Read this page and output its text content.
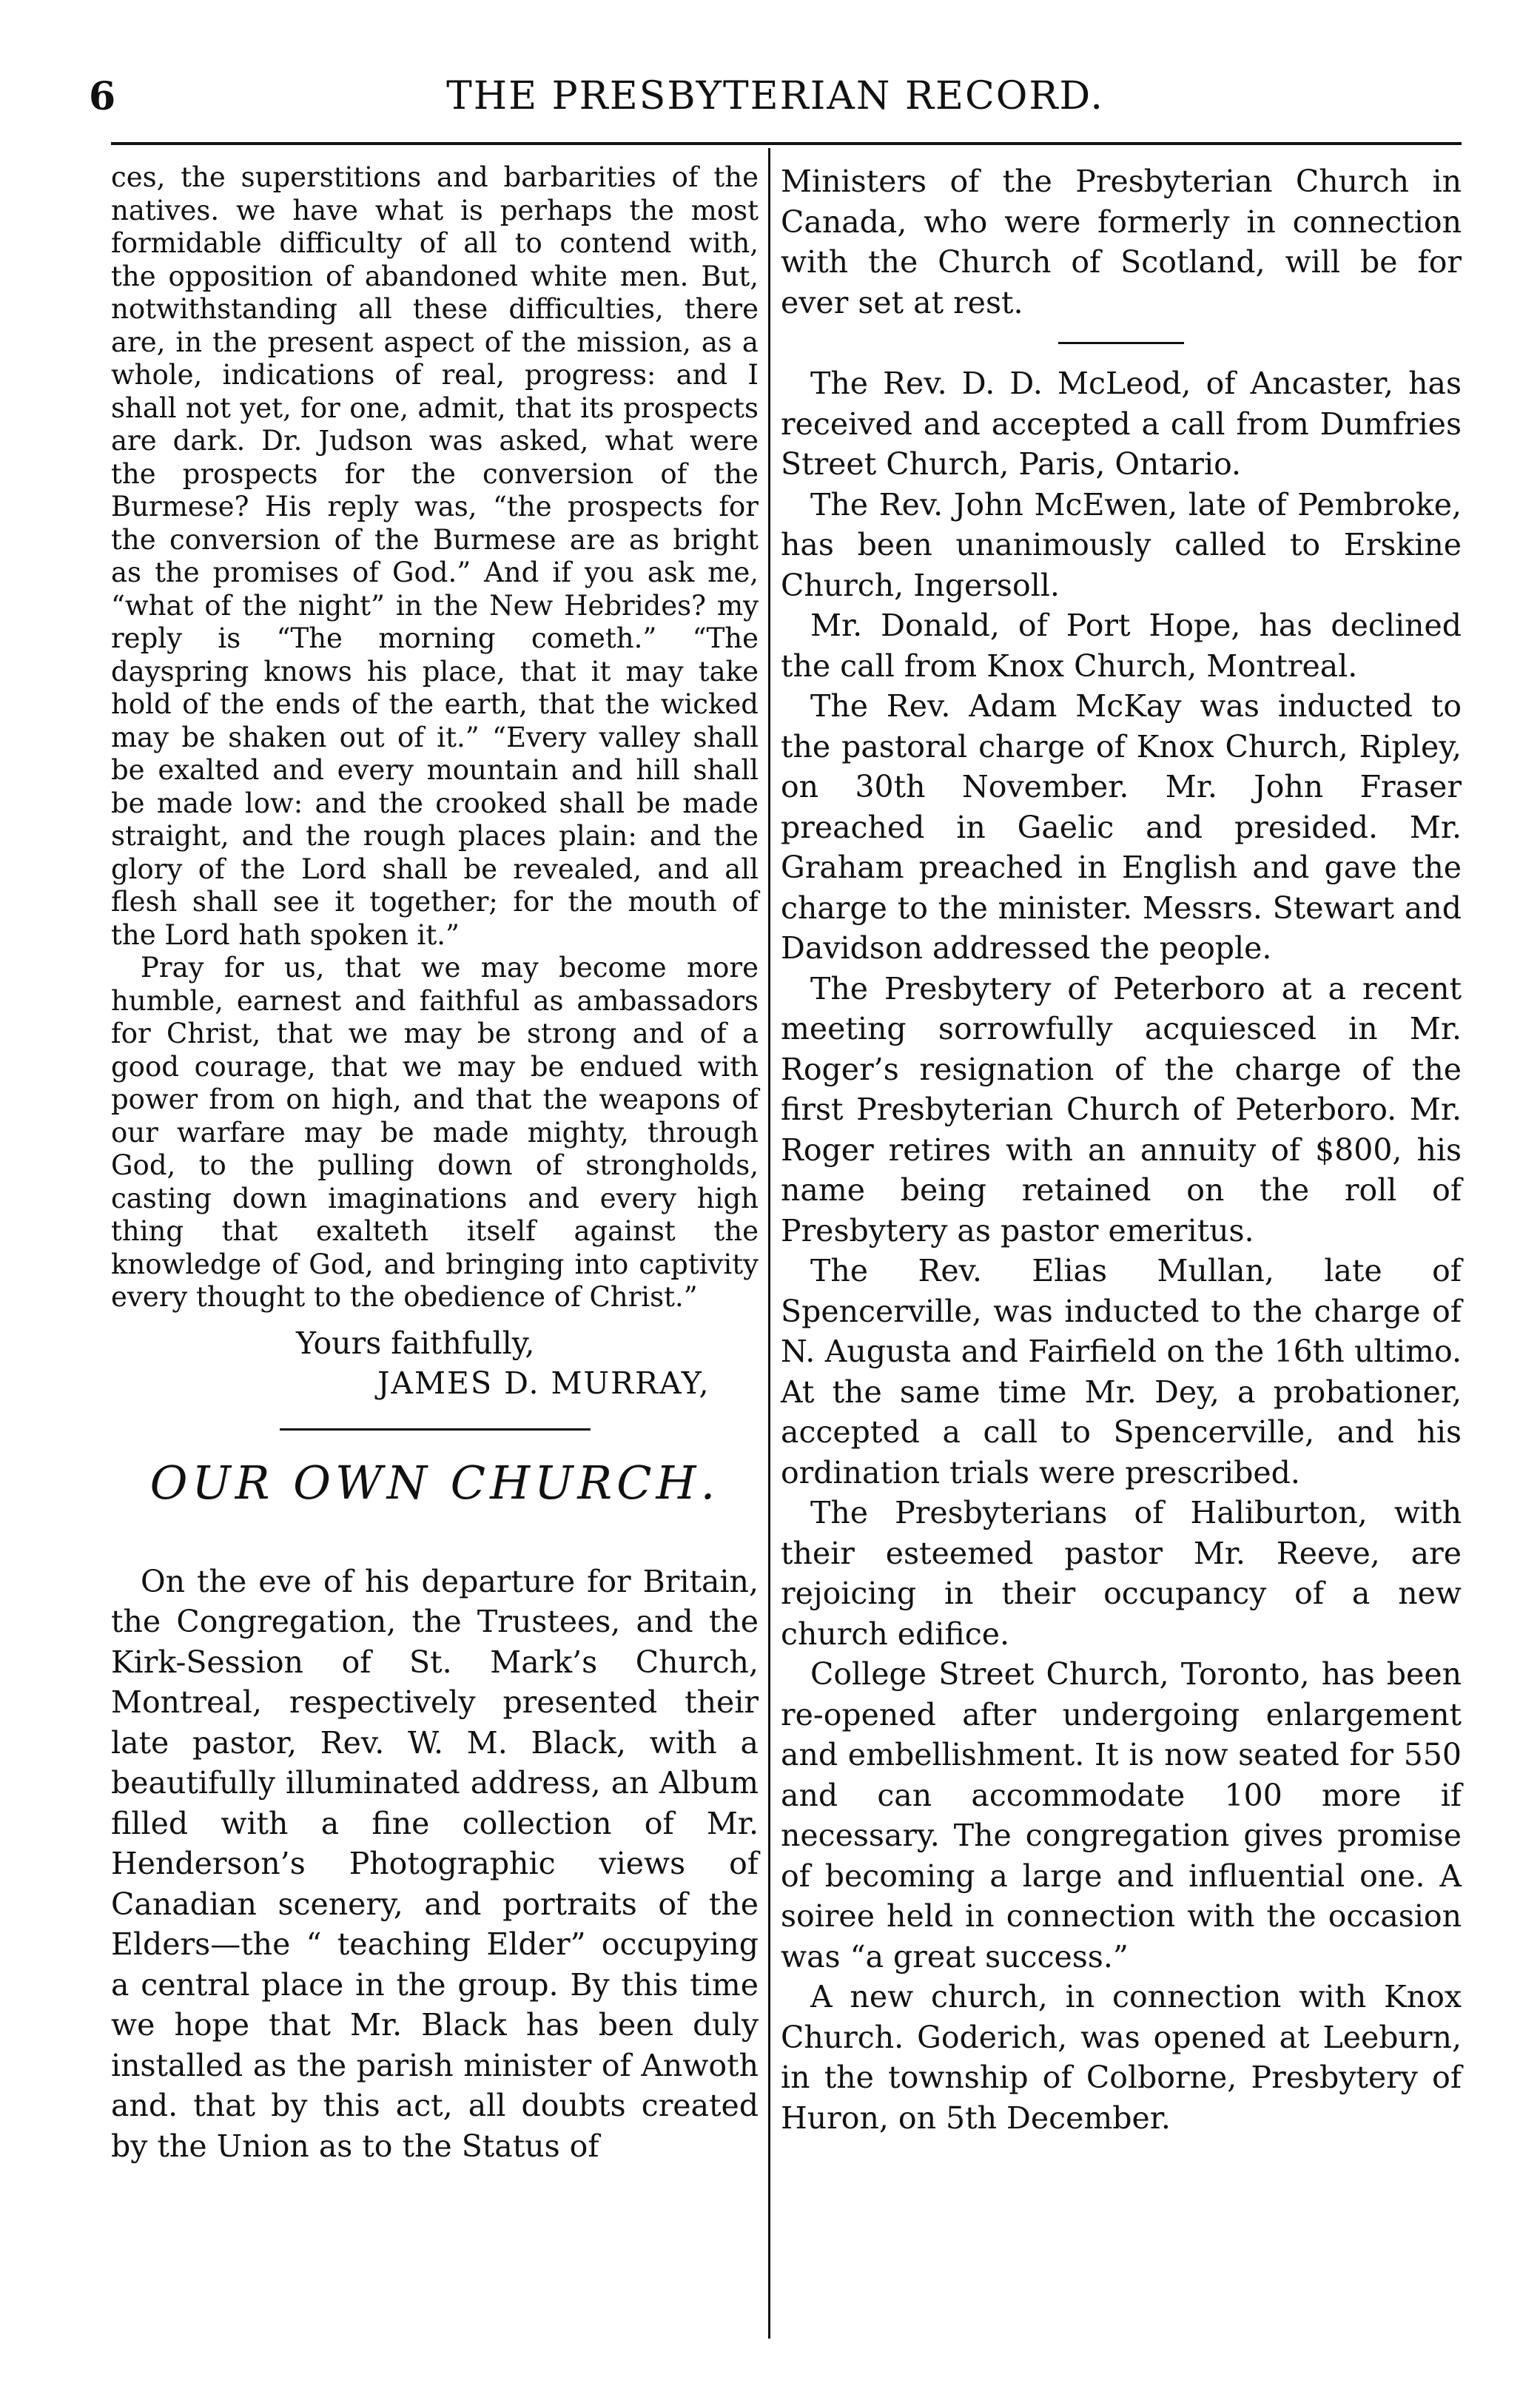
6	THE PRESBYTERIAN RECORD.

ces, the superstitions and barbarities of the natives. we have what is perhaps the most formidable difficulty of all to contend with, the opposition of abandoned white men. But, notwithstanding all these difficulties, there are, in the present aspect of the mission, as a whole, indications of real, progress: and I shall not yet, for one, admit, that its prospects are dark. Dr. Judson was asked, what were the prospects for the conversion of the Burmese? His reply was, “the prospects for the conversion of the Burmese are as bright as the promises of God.” And if you ask me, “what of the night” in the New Hebrides? my reply is “The morning cometh.” “The dayspring knows his place, that it may take hold of the ends of the earth, that the wicked may be shaken out of it.” “Every valley shall be exalted and every mountain and hill shall be made low: and the crooked shall be made straight, and the rough places plain: and the glory of the Lord shall be revealed, and all flesh shall see it together; for the mouth of the Lord hath spoken it.”

Pray for us, that we may become more humble, earnest and faithful as ambassadors for Christ, that we may be strong and of a good courage, that we may be endued with power from on high, and that the weapons of our warfare may be made mighty, through God, to the pulling down of strongholds, casting down imaginations and every high thing that exalteth itself against the knowledge of God, and bringing into captivity every thought to the obedience of Christ.”

Yours faithfully,
JAMES D. MURRAY,
OUR OWN CHURCH.

On the eve of his departure for Britain, the Congregation, the Trustees, and the Kirk-Session of St. Mark’s Church, Montreal, respectively presented their late pastor, Rev. W. M. Black, with a beautifully illuminated address, an Album filled with a fine collection of Mr. Henderson’s Photographic views of Canadian scenery, and portraits of the Elders—the “ teaching Elder” occupying a central place in the group. By this time we hope that Mr. Black has been duly installed as the parish minister of Anwoth and. that by this act, all doubts created by the Union as to the Status of

Ministers of the Presbyterian Church in Canada, who were formerly in connection with the Church of Scotland, will be for ever set at rest.

The Rev. D. D. McLeod, of Ancaster, has received and accepted a call from Dumfries Street Church, Paris, Ontario.

The Rev. John McEwen, late of Pembroke, has been unanimously called to Erskine Church, Ingersoll.

Mr. Donald, of Port Hope, has declined the call from Knox Church, Montreal.

The Rev. Adam McKay was inducted to the pastoral charge of Knox Church, Ripley, on 30th November. Mr. John Fraser preached in Gaelic and presided. Mr. Graham preached in English and gave the charge to the minister. Messrs. Stewart and Davidson addressed the people.

The Presbytery of Peterboro at a recent meeting sorrowfully acquiesced in Mr. Roger’s resignation of the charge of the first Presbyterian Church of Peterboro. Mr. Roger retires with an annuity of $800, his name being retained on the roll of Presbytery as pastor emeritus.

The Rev. Elias Mullan, late of Spencerville, was inducted to the charge of N. Augusta and Fairfield on the 16th ultimo. At the same time Mr. Dey, a probationer, accepted a call to Spencerville, and his ordination trials were prescribed.

The Presbyterians of Haliburton, with their esteemed pastor Mr. Reeve, are rejoicing in their occupancy of a new church edifice.

College Street Church, Toronto, has been re-opened after undergoing enlargement and embellishment. It is now seated for 550 and can accommodate 100 more if necessary. The congregation gives promise of becoming a large and influential one. A soiree held in connection with the occasion was “a great success.”

A new church, in connection with Knox Church. Goderich, was opened at Leeburn, in the township of Colborne, Presbytery of Huron, on 5th December.
